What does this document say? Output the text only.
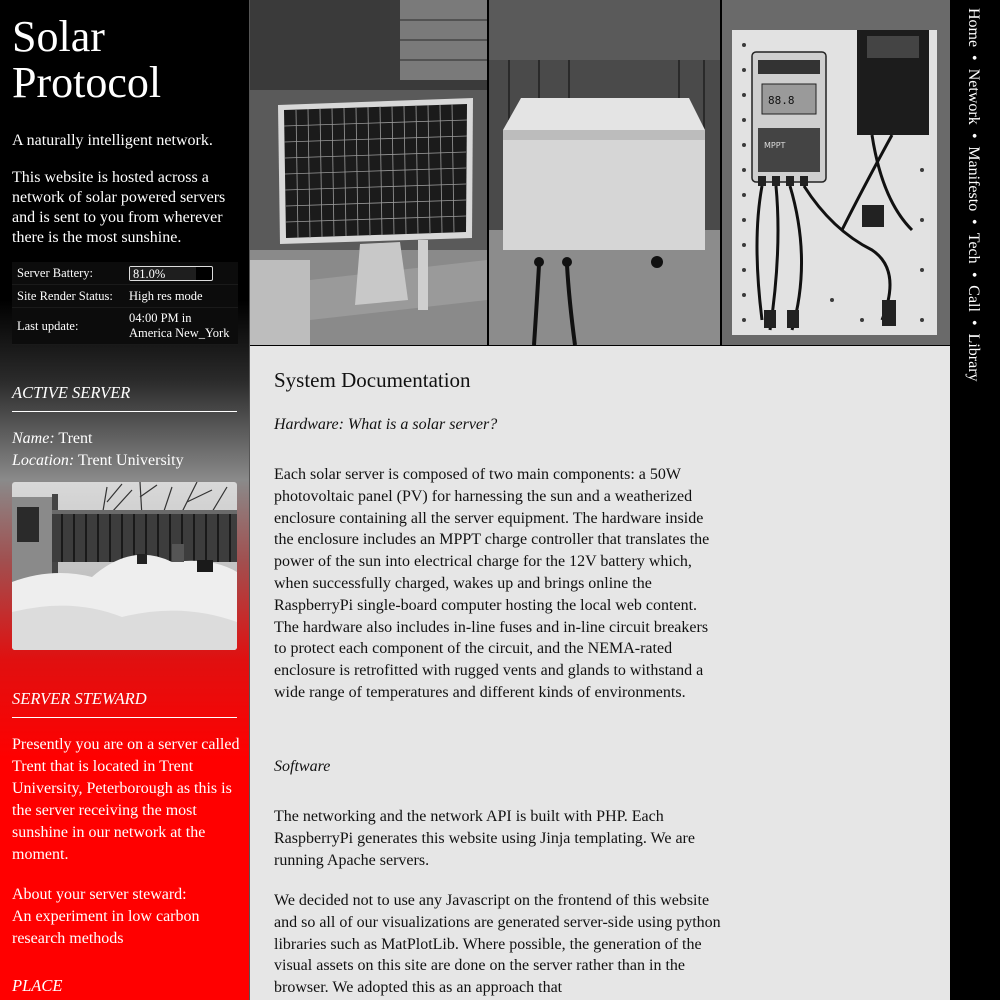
Solar
Protocol

A naturally intelligent network.

This website is hosted across a network of solar powered servers and is sent to you from wherever there is the most sunshine.

Server Battery:	81.0%

Site Render Status:	High res mode
Last update:	04:00 PM in America New_York
ACTIVE SERVER
Name: Trent
Location: Trent University
SERVER STEWARD

Presently you are on a server called Trent that is located in Trent University, Peterborough as this is the server receiving the most sunshine in our network at the moment.

About your server steward:
An experiment in low carbon research methods

PLACE
88.8
MPPT
System Documentation
Hardware: What is a solar server?

Each solar server is composed of two main components: a 50W photovoltaic panel (PV) for harnessing the sun and a weatherized enclosure containing all the server equipment. The hardware inside the enclosure includes an MPPT charge controller that translates the power of the sun into electrical charge for the 12V battery which, when successfully charged, wakes up and brings online the RaspberryPi single-board computer hosting the local web content. The hardware also includes in-line fuses and in-line circuit breakers to protect each component of the circuit, and the NEMA-rated enclosure is retrofitted with rugged vents and glands to withstand a wide range of temperatures and different kinds of environments.

Software

The networking and the network API is built with PHP. Each RaspberryPi generates this website using Jinja templating. We are running Apache servers.

We decided not to use any Javascript on the frontend of this website and so all of our visualizations are generated server-side using python libraries such as MatPlotLib. Where possible, the generation of the visual assets on this site are done on the server rather than in the browser. We adopted this as an approach that

Home • Network • Manifesto • Tech • Call • Library
